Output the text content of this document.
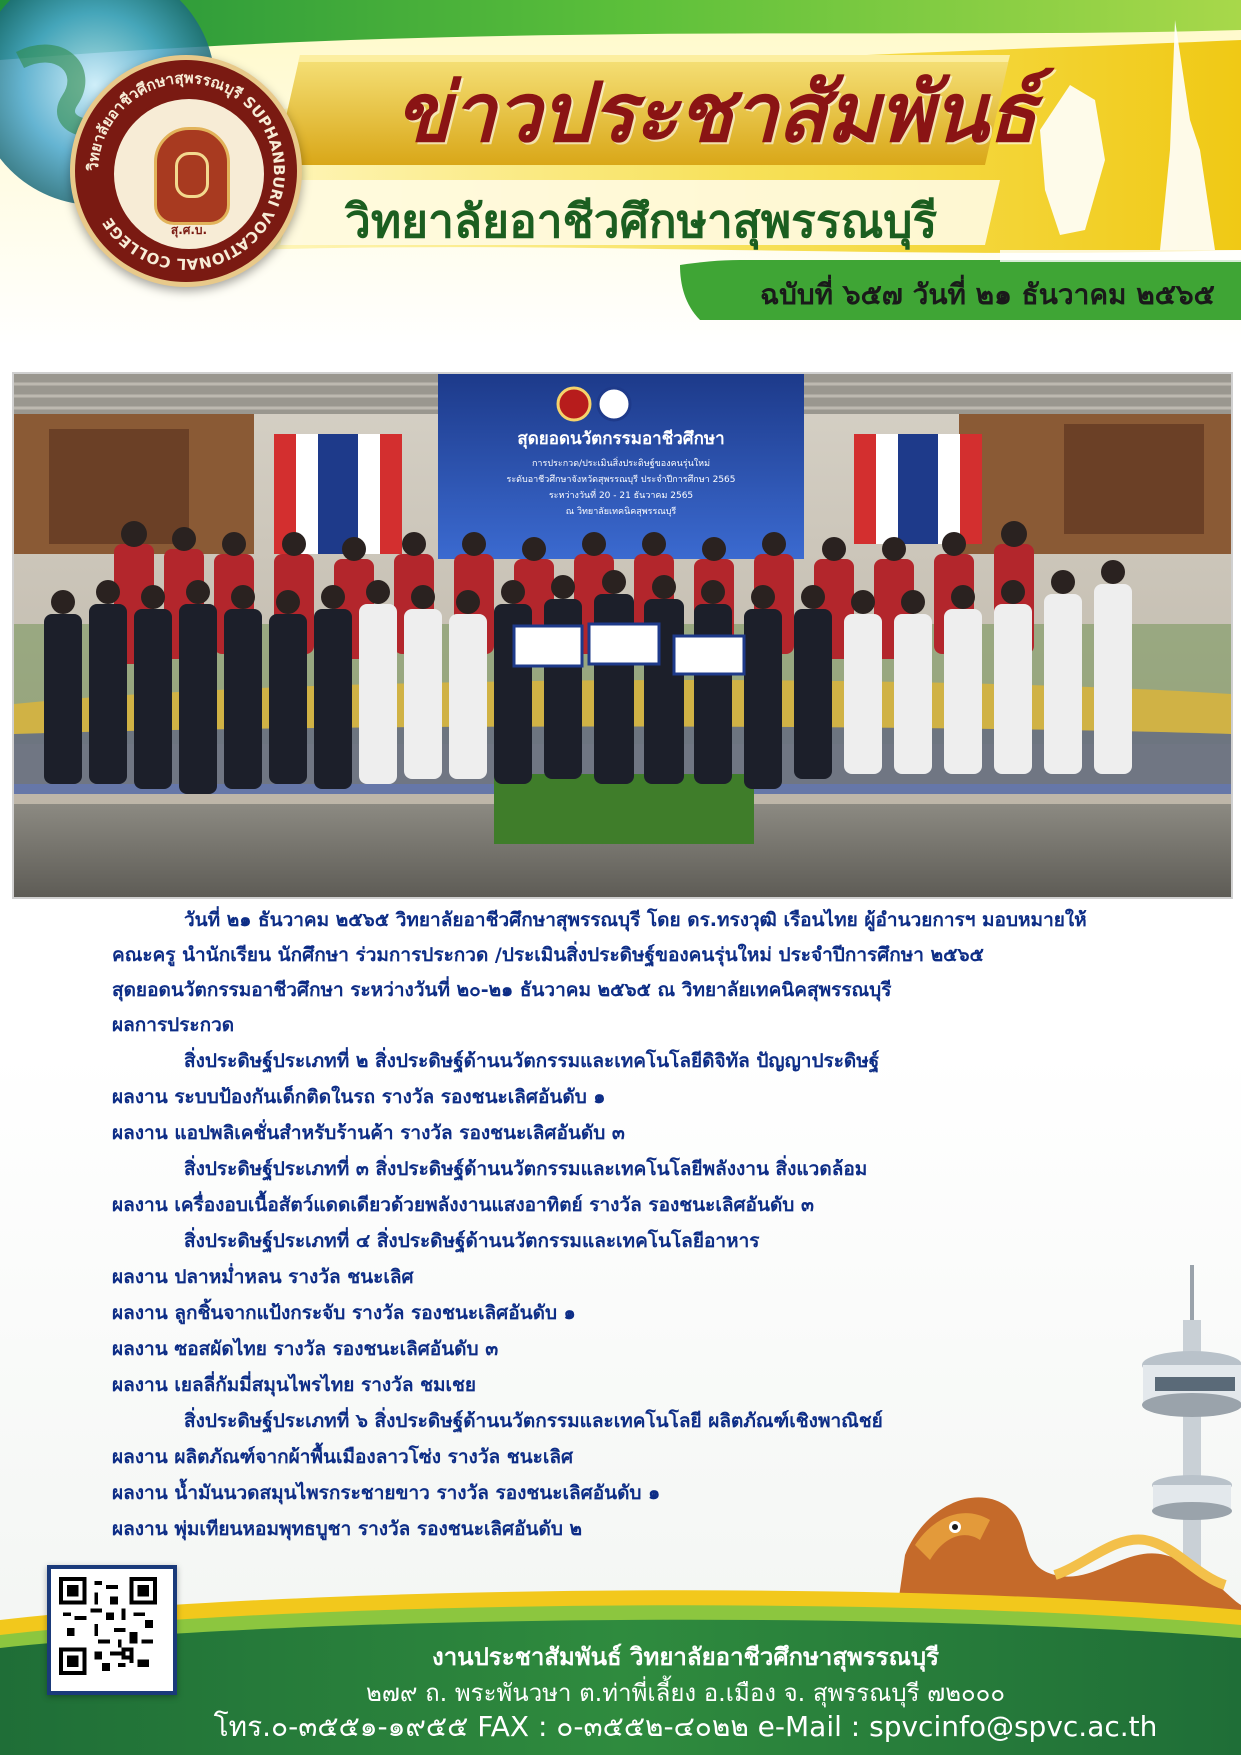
วิทยาลัยอาชีวศึกษาสุพรรณบุรี SUPHANBURI VOCATIONAL COLLEGE	สุ.ศ.บ.
ข่าวประชาสัมพันธ์
วิทยาลัยอาชีวศึกษาสุพรรณบุรี
ฉบับที่ ๖๕๗ วันที่ ๒๑ ธันวาคม ๒๕๖๕
สุดยอดนวัตกรรมอาชีวศึกษา
การประกวด/ประเมินสิ่งประดิษฐ์ของคนรุ่นใหม่
ระดับอาชีวศึกษาจังหวัดสุพรรณบุรี ประจำปีการศึกษา 2565
ระหว่างวันที่ 20 - 21 ธันวาคม 2565
ณ วิทยาลัยเทคนิคสุพรรณบุรี
วันที่ ๒๑ ธันวาคม ๒๕๖๕ วิทยาลัยอาชีวศึกษาสุพรรณบุรี โดย ดร.ทรงวุฒิ เรือนไทย ผู้อำนวยการฯ มอบหมายให้
คณะครู นำนักเรียน นักศึกษา ร่วมการประกวด /ประเมินสิ่งประดิษฐ์ของคนรุ่นใหม่ ประจำปีการศึกษา ๒๕๖๕
สุดยอดนวัตกรรมอาชีวศึกษา ระหว่างวันที่ ๒๐-๒๑ ธันวาคม ๒๕๖๕ ณ วิทยาลัยเทคนิคสุพรรณบุรี
ผลการประกวด
สิ่งประดิษฐ์ประเภทที่ ๒ สิ่งประดิษฐ์ด้านนวัตกรรมและเทคโนโลยีดิจิทัล ปัญญาประดิษฐ์
ผลงาน ระบบป้องกันเด็กติดในรถ รางวัล รองชนะเลิศอันดับ ๑
ผลงาน แอปพลิเคชั่นสำหรับร้านค้า รางวัล รองชนะเลิศอันดับ ๓
สิ่งประดิษฐ์ประเภทที่ ๓ สิ่งประดิษฐ์ด้านนวัตกรรมและเทคโนโลยีพลังงาน สิ่งแวดล้อม
ผลงาน เครื่องอบเนื้อสัตว์แดดเดียวด้วยพลังงานแสงอาทิตย์ รางวัล รองชนะเลิศอันดับ ๓
สิ่งประดิษฐ์ประเภทที่ ๔ สิ่งประดิษฐ์ด้านนวัตกรรมและเทคโนโลยีอาหาร
ผลงาน ปลาหม่ำหลน รางวัล ชนะเลิศ
ผลงาน ลูกชิ้นจากแป้งกระจับ รางวัล รองชนะเลิศอันดับ ๑
ผลงาน ซอสผัดไทย รางวัล รองชนะเลิศอันดับ ๓
ผลงาน เยลลี่กัมมี่สมุนไพรไทย รางวัล ชมเชย
สิ่งประดิษฐ์ประเภทที่ ๖ สิ่งประดิษฐ์ด้านนวัตกรรมและเทคโนโลยี ผลิตภัณฑ์เชิงพาณิชย์
ผลงาน ผลิตภัณฑ์จากผ้าพื้นเมืองลาวโซ่ง รางวัล ชนะเลิศ
ผลงาน น้ำมันนวดสมุนไพรกระชายขาว รางวัล รองชนะเลิศอันดับ ๑
ผลงาน พุ่มเทียนหอมพุทธบูชา รางวัล รองชนะเลิศอันดับ ๒
งานประชาสัมพันธ์ วิทยาลัยอาชีวศึกษาสุพรรณบุรี
๒๗๙ ถ. พระพันวษา ต.ท่าพี่เลี้ยง อ.เมือง จ. สุพรรณบุรี ๗๒๐๐๐
โทร.๐-๓๕๕๑-๑๙๕๕ FAX : ๐-๓๕๕๒-๔๐๒๒ e-Mail : spvcinfo@spvc.ac.th
